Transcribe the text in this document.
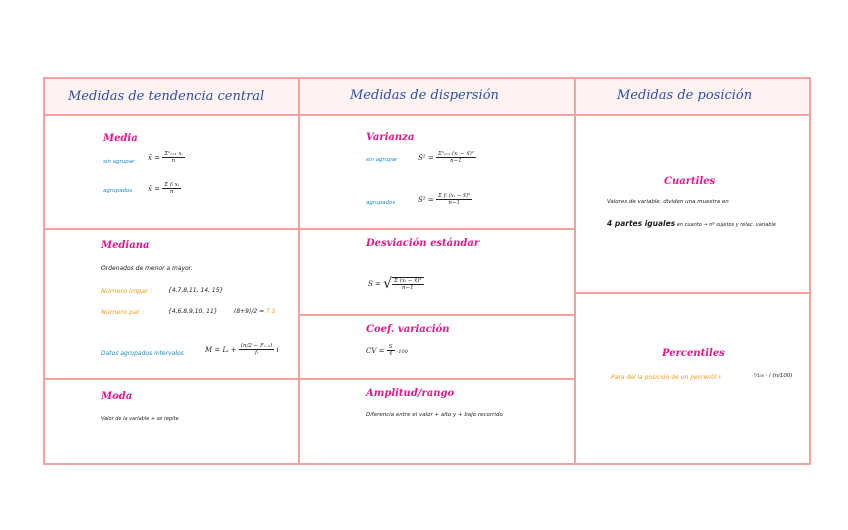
Medidas de tendencia central	Medidas de dispersión	Medidas de posición
Media
sin agrupar
x̄ = $\frac{\text{Σⁿᵢ₌₁ xᵢ}}{n}$
agrupados x̄ = $\frac{\text{Σ fᵢ xᵢ}}{n}$
Mediana
Ordenados de menor a mayor.
Número impar :	{4,7,8,11, 14, 15}
Número par :	{4,6,8,9,10, 11}	(8+9)/2 = 7.5
Datos agrupados intervalos	M = Lᵢ + $\frac{\text{(n/2 − Fᵢ₋₁)}}{\text{fᵢ}}$ i
Moda
Valor de la variable + se repite
Varianza
sin agrupar	$S^2 = \frac{\text{Σⁿᵢ₌₁ (xᵢ − x̄)²}}{n-1}$
agrupados	$S^2 = \frac{\text{Σ fᵢ (xᵢ − x̄)²}}{n-1}$
Desviación estándar
S = √ $\frac{\text{Σ (xᵢ − x̄)²}}{n-1}$
Coef. variación
CV = $\frac{S}{x̄} \cdot 100$
Amplitud/rango
Diferencia entre el valor + alto y + bajo recorrido
Cuartiles
Valores de variable. dividen una muestra en
4 partes iguales en cuanto → nº sujetos y relac. variable
Percentiles
Para del la posición de un percentil i:	ᵏ⁄₁₀₀ · i (n/100)
